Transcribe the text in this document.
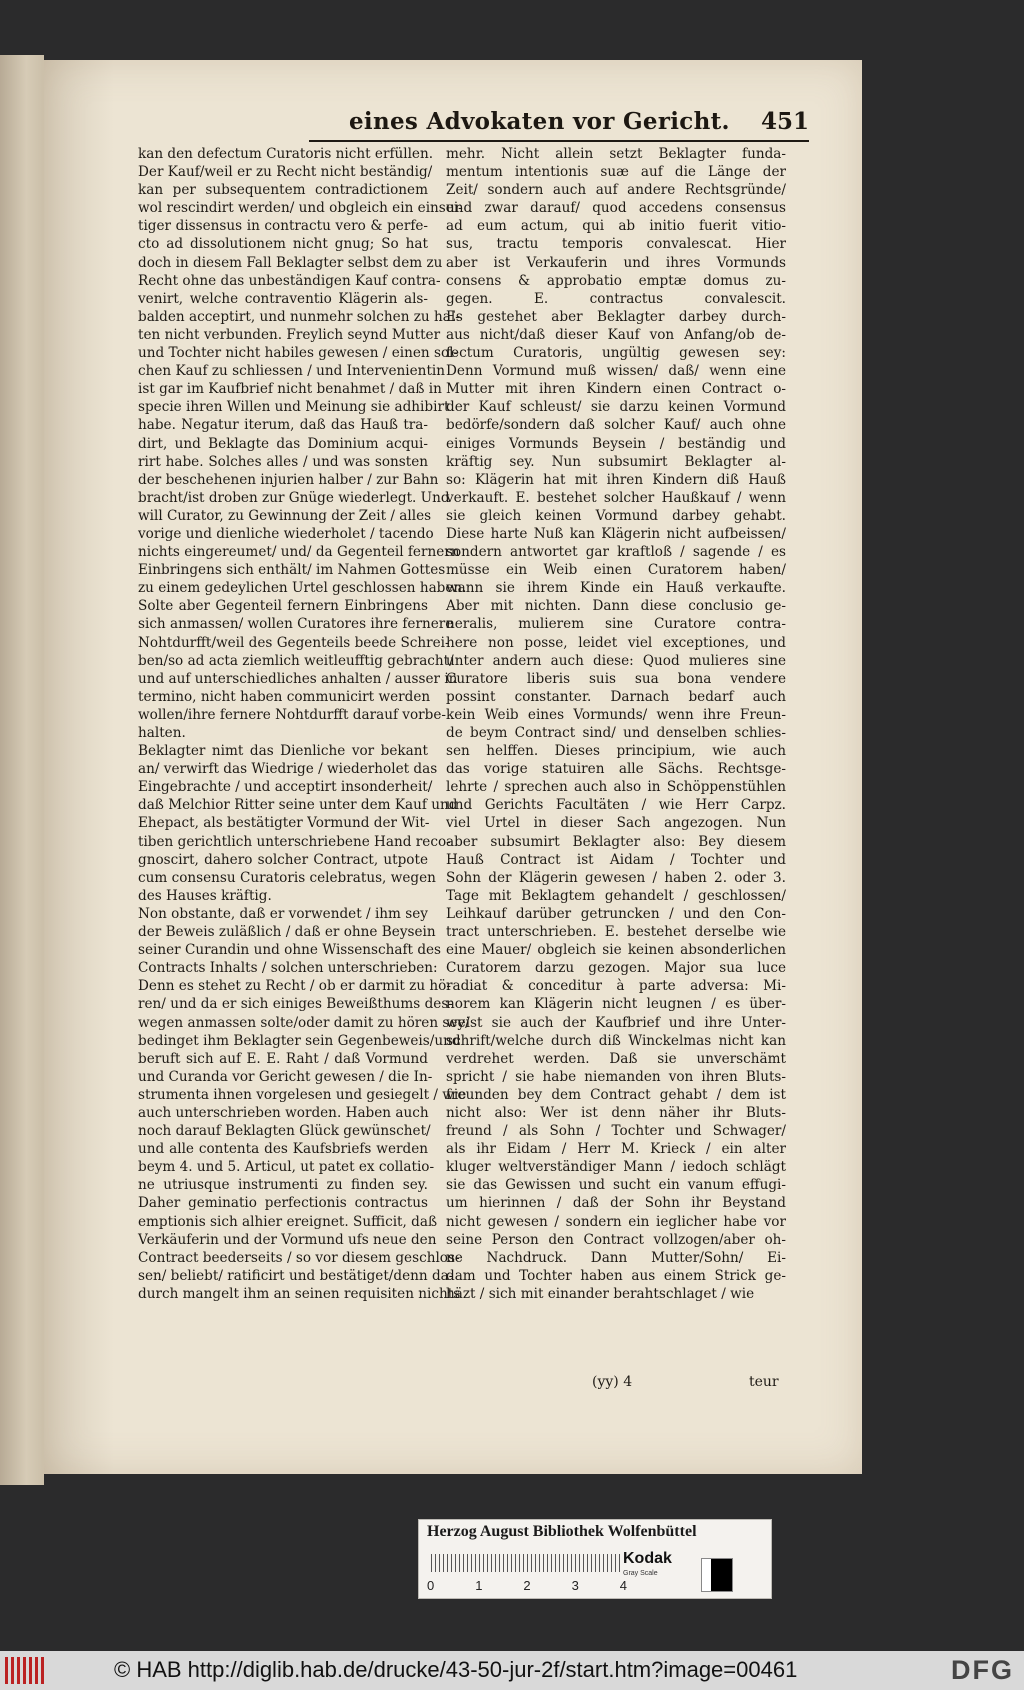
eines Advokaten vor Gericht. 451
kan den defectum Curatoris nicht erfüllen.
Der Kauf/weil er zu Recht nicht beständig/
kan per subsequentem contradictionem
wol rescindirt werden/ und obgleich ein einsei-
tiger dissensus in contractu vero & perfe-
cto ad dissolutionem nicht gnug; So hat
doch in diesem Fall Beklagter selbst dem zu
Recht ohne das unbeständigen Kauf contra-
venirt, welche contraventio Klägerin als-
balden acceptirt, und nunmehr solchen zu hal-
ten nicht verbunden. Freylich seynd Mutter
und Tochter nicht habiles gewesen / einen sol-
chen Kauf zu schliessen / und Intervenientin
ist gar im Kaufbrief nicht benahmet / daß in
specie ihren Willen und Meinung sie adhibirt
habe. Negatur iterum, daß das Hauß tra-
dirt, und Beklagte das Dominium acqui-
rirt habe. Solches alles / und was sonsten
der beschehenen injurien halber / zur Bahn
bracht/ist droben zur Gnüge wiederlegt. Und
will Curator, zu Gewinnung der Zeit / alles
vorige und dienliche wiederholet / tacendo
nichts eingereumet/ und/ da Gegenteil fernern
Einbringens sich enthält/ im Nahmen Gottes
zu einem gedeylichen Urtel geschlossen haben.
Solte aber Gegenteil fernern Einbringens
sich anmassen/ wollen Curatores ihre fernere
Nohtdurfft/weil des Gegenteils beede Schrei-
ben/so ad acta ziemlich weitleufftig gebracht/
und auf unterschiedliches anhalten / ausser in
termino, nicht haben communicirt werden
wollen/ihre fernere Nohtdurfft darauf vorbe-
halten.
Beklagter nimt das Dienliche vor bekant
an/ verwirft das Wiedrige / wiederholet das
Eingebrachte / und acceptirt insonderheit/
daß Melchior Ritter seine unter dem Kauf und
Ehepact, als bestätigter Vormund der Wit-
tiben gerichtlich unterschriebene Hand reco-
gnoscirt, dahero solcher Contract, utpote
cum consensu Curatoris celebratus, wegen
des Hauses kräftig.
Non obstante, daß er vorwendet / ihm sey
der Beweis zuläßlich / daß er ohne Beysein
seiner Curandin und ohne Wissenschaft des
Contracts Inhalts / solchen unterschrieben:
Denn es stehet zu Recht / ob er darmit zu hö-
ren/ und da er sich einiges Beweißthums des-
wegen anmassen solte/oder damit zu hören sey/
bedinget ihm Beklagter sein Gegenbeweis/und
beruft sich auf E. E. Raht / daß Vormund
und Curanda vor Gericht gewesen / die In-
strumenta ihnen vorgelesen und gesiegelt / wie
auch unterschrieben worden. Haben auch
noch darauf Beklagten Glück gewünschet/
und alle contenta des Kaufsbriefs werden
beym 4. und 5. Articul, ut patet ex collatio-
ne utriusque instrumenti zu finden sey.
Daher geminatio perfectionis contractus
emptionis sich alhier ereignet. Sufficit, daß
Verkäuferin und der Vormund ufs neue den
Contract beederseits / so vor diesem geschlos-
sen/ beliebt/ ratificirt und bestätiget/denn da-
durch mangelt ihm an seinen requisiten nichts
mehr. Nicht allein setzt Beklagter funda-
mentum intentionis suæ auf die Länge der
Zeit/ sondern auch auf andere Rechtsgründe/
und zwar darauf/ quod accedens consensus
ad eum actum, qui ab initio fuerit vitio-
sus, tractu temporis convalescat. Hier
aber ist Verkauferin und ihres Vormunds
consens & approbatio emptæ domus zu-
gegen. E. contractus convalescit.
Es gestehet aber Beklagter darbey durch-
aus nicht/daß dieser Kauf von Anfang/ob de-
fectum Curatoris, ungültig gewesen sey:
Denn Vormund muß wissen/ daß/ wenn eine
Mutter mit ihren Kindern einen Contract o-
der Kauf schleust/ sie darzu keinen Vormund
bedörfe/sondern daß solcher Kauf/ auch ohne
einiges Vormunds Beysein / beständig und
kräftig sey. Nun subsumirt Beklagter al-
so: Klägerin hat mit ihren Kindern diß Hauß
verkauft. E. bestehet solcher Haußkauf / wenn
sie gleich keinen Vormund darbey gehabt.
Diese harte Nuß kan Klägerin nicht aufbeissen/
sondern antwortet gar kraftloß / sagende / es
müsse ein Weib einen Curatorem haben/
wann sie ihrem Kinde ein Hauß verkaufte.
Aber mit nichten. Dann diese conclusio ge-
neralis, mulierem sine Curatore contra-
here non posse, leidet viel exceptiones, und
unter andern auch diese: Quod mulieres sine
Curatore liberis suis sua bona vendere
possint constanter. Darnach bedarf auch
kein Weib eines Vormunds/ wenn ihre Freun-
de beym Contract sind/ und denselben schlies-
sen helffen. Dieses principium, wie auch
das vorige statuiren alle Sächs. Rechtsge-
lehrte / sprechen auch also in Schöppenstühlen
und Gerichts Facultäten / wie Herr Carpz.
viel Urtel in dieser Sach angezogen. Nun
aber subsumirt Beklagter also: Bey diesem
Hauß Contract ist Aidam / Tochter und
Sohn der Klägerin gewesen / haben 2. oder 3.
Tage mit Beklagtem gehandelt / geschlossen/
Leihkauf darüber getruncken / und den Con-
tract unterschrieben. E. bestehet derselbe wie
eine Mauer/ obgleich sie keinen absonderlichen
Curatorem darzu gezogen. Major sua luce
radiat & conceditur à parte adversa: Mi-
norem kan Klägerin nicht leugnen / es über-
weist sie auch der Kaufbrief und ihre Unter-
schrift/welche durch diß Winckelmas nicht kan
verdrehet werden. Daß sie unverschämt
spricht / sie habe niemanden von ihren Bluts-
freunden bey dem Contract gehabt / dem ist
nicht also: Wer ist denn näher ihr Bluts-
freund / als Sohn / Tochter und Schwager/
als ihr Eidam / Herr M. Krieck / ein alter
kluger weltverständiger Mann / iedoch schlägt
sie das Gewissen und sucht ein vanum effugi-
um hierinnen / daß der Sohn ihr Beystand
nicht gewesen / sondern ein ieglicher habe vor
seine Person den Contract vollzogen/aber oh-
ne Nachdruck. Dann Mutter/Sohn/ Ei-
dam und Tochter haben aus einem Strick ge-
häzt / sich mit einander berahtschlaget / wie
(yy) 4	teur
Herzog August Bibliothek Wolfenbüttel
0	1	2	3	4
Kodak
Gray Scale
© HAB http://diglib.hab.de/drucke/43-50-jur-2f/start.htm?image=00461	DFG
